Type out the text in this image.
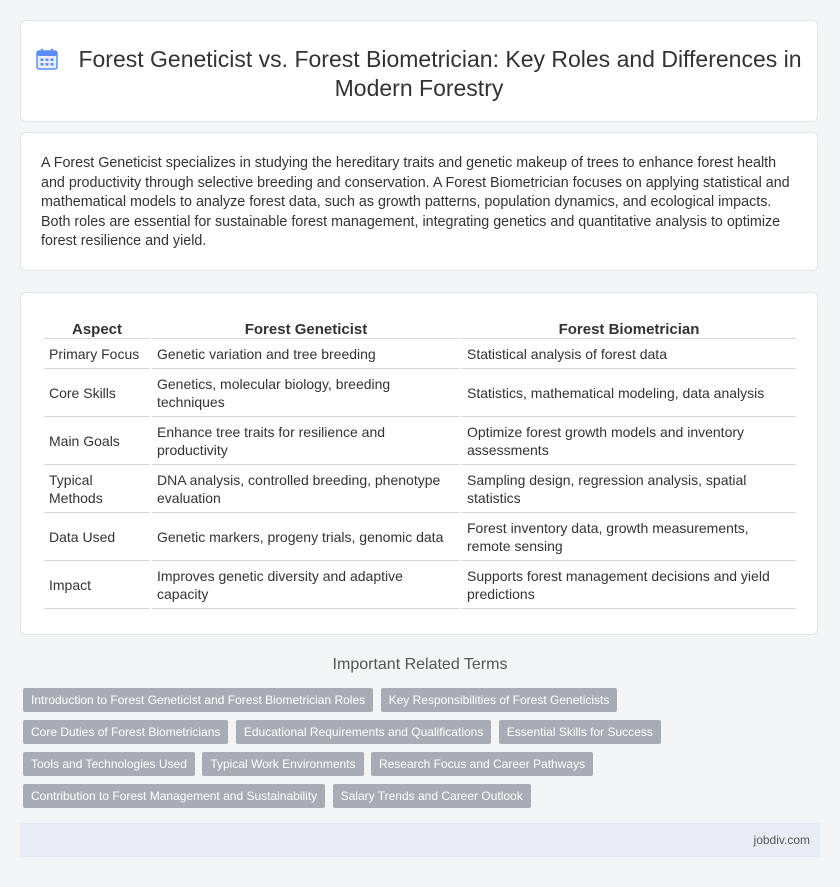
Forest Geneticist vs. Forest Biometrician: Key Roles and Differences in Modern Forestry

A Forest Geneticist specializes in studying the hereditary traits and genetic makeup of trees to enhance forest health and productivity through selective breeding and conservation. A Forest Biometrician focuses on applying statistical and mathematical models to analyze forest data, such as growth patterns, population dynamics, and ecological impacts. Both roles are essential for sustainable forest management, integrating genetics and quantitative analysis to optimize forest resilience and yield.

Aspect	Forest Geneticist	Forest Biometrician
Primary Focus	Genetic variation and tree breeding	Statistical analysis of forest data
Core Skills	Genetics, molecular biology, breeding techniques	Statistics, mathematical modeling, data analysis
Main Goals	Enhance tree traits for resilience and productivity	Optimize forest growth models and inventory assessments
Typical Methods	DNA analysis, controlled breeding, phenotype evaluation	Sampling design, regression analysis, spatial statistics
Data Used	Genetic markers, progeny trials, genomic data	Forest inventory data, growth measurements, remote sensing
Impact	Improves genetic diversity and adaptive capacity	Supports forest management decisions and yield predictions
Important Related Terms
Introduction to Forest Geneticist and Forest Biometrician Roles Key Responsibilities of Forest Geneticists
Core Duties of Forest Biometricians Educational Requirements and Qualifications Essential Skills for Success
Tools and Technologies Used Typical Work Environments Research Focus and Career Pathways
Contribution to Forest Management and Sustainability Salary Trends and Career Outlook
jobdiv.com
